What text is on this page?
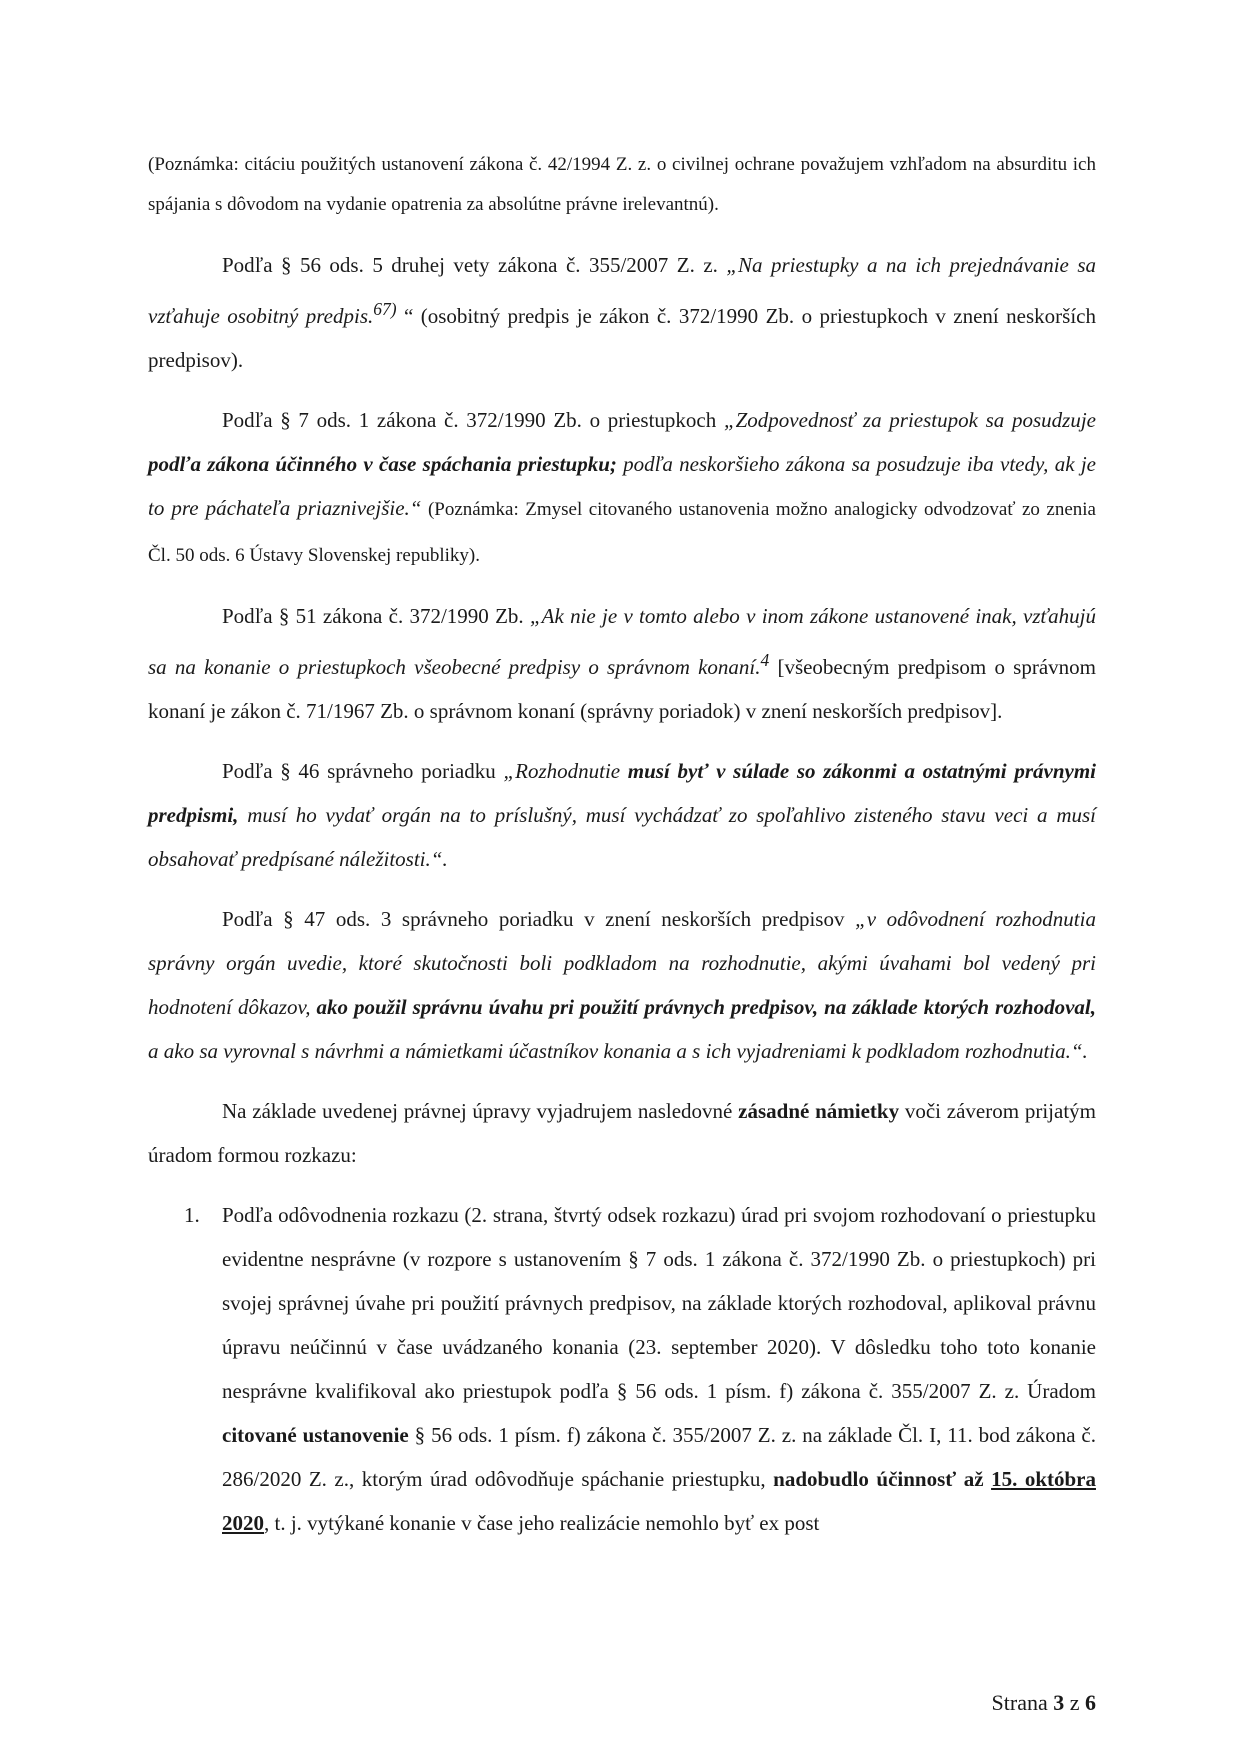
(Poznámka: citáciu použitých ustanovení zákona č. 42/1994 Z. z. o civilnej ochrane považujem vzhľadom na absurditu ich spájania s dôvodom na vydanie opatrenia za absolútne právne irelevantnú).

Podľa § 56 ods. 5 druhej vety zákona č. 355/2007 Z. z. „Na priestupky a na ich prejednávanie sa vzťahuje osobitný predpis.$^{67)}$ “ (osobitný predpis je zákon č. 372/1990 Zb. o priestupkoch v znení neskorších predpisov).

Podľa § 7 ods. 1 zákona č. 372/1990 Zb. o priestupkoch „Zodpovednosť za priestupok sa posudzuje podľa zákona účinného v čase spáchania priestupku; podľa neskoršieho zákona sa posudzuje iba vtedy, ak je to pre páchateľa priaznivejšie.“ (Poznámka: Zmysel citovaného ustanovenia možno analogicky odvodzovať zo znenia Čl. 50 ods. 6 Ústavy Slovenskej republiky).

Podľa § 51 zákona č. 372/1990 Zb. „Ak nie je v tomto alebo v inom zákone ustanovené inak, vzťahujú sa na konanie o priestupkoch všeobecné predpisy o správnom konaní.$^4$ [všeobecným predpisom o správnom konaní je zákon č. 71/1967 Zb. o správnom konaní (správny poriadok) v znení neskorších predpisov].

Podľa § 46 správneho poriadku „Rozhodnutie musí byť v súlade so zákonmi a ostatnými právnymi predpismi, musí ho vydať orgán na to príslušný, musí vychádzať zo spoľahlivo zisteného stavu veci a musí obsahovať predpísané náležitosti.“.

Podľa § 47 ods. 3 správneho poriadku v znení neskorších predpisov „v odôvodnení rozhodnutia správny orgán uvedie, ktoré skutočnosti boli podkladom na rozhodnutie, akými úvahami bol vedený pri hodnotení dôkazov, ako použil správnu úvahu pri použití právnych predpisov, na základe ktorých rozhodoval, a ako sa vyrovnal s návrhmi a námietkami účastníkov konania a s ich vyjadreniami k podkladom rozhodnutia.“.

Na základe uvedenej právnej úpravy vyjadrujem nasledovné zásadné námietky voči záverom prijatým úradom formou rozkazu:

1. Podľa odôvodnenia rozkazu (2. strana, štvrtý odsek rozkazu) úrad pri svojom rozhodovaní o priestupku evidentne nesprávne (v rozpore s ustanovením § 7 ods. 1 zákona č. 372/1990 Zb. o priestupkoch) pri svojej správnej úvahe pri použití právnych predpisov, na základe ktorých rozhodoval, aplikoval právnu úpravu neúčinnú v čase uvádzaného konania (23. september 2020). V dôsledku toho toto konanie nesprávne kvalifikoval ako priestupok podľa § 56 ods. 1 písm. f) zákona č. 355/2007 Z. z. Úradom citované ustanovenie § 56 ods. 1 písm. f) zákona č. 355/2007 Z. z. na základe Čl. I, 11. bod zákona č. 286/2020 Z. z., ktorým úrad odôvodňuje spáchanie priestupku, nadobudlo účinnosť až 15. októbra 2020, t. j. vytýkané konanie v čase jeho realizácie nemohlo byť ex post

Strana 3 z 6
